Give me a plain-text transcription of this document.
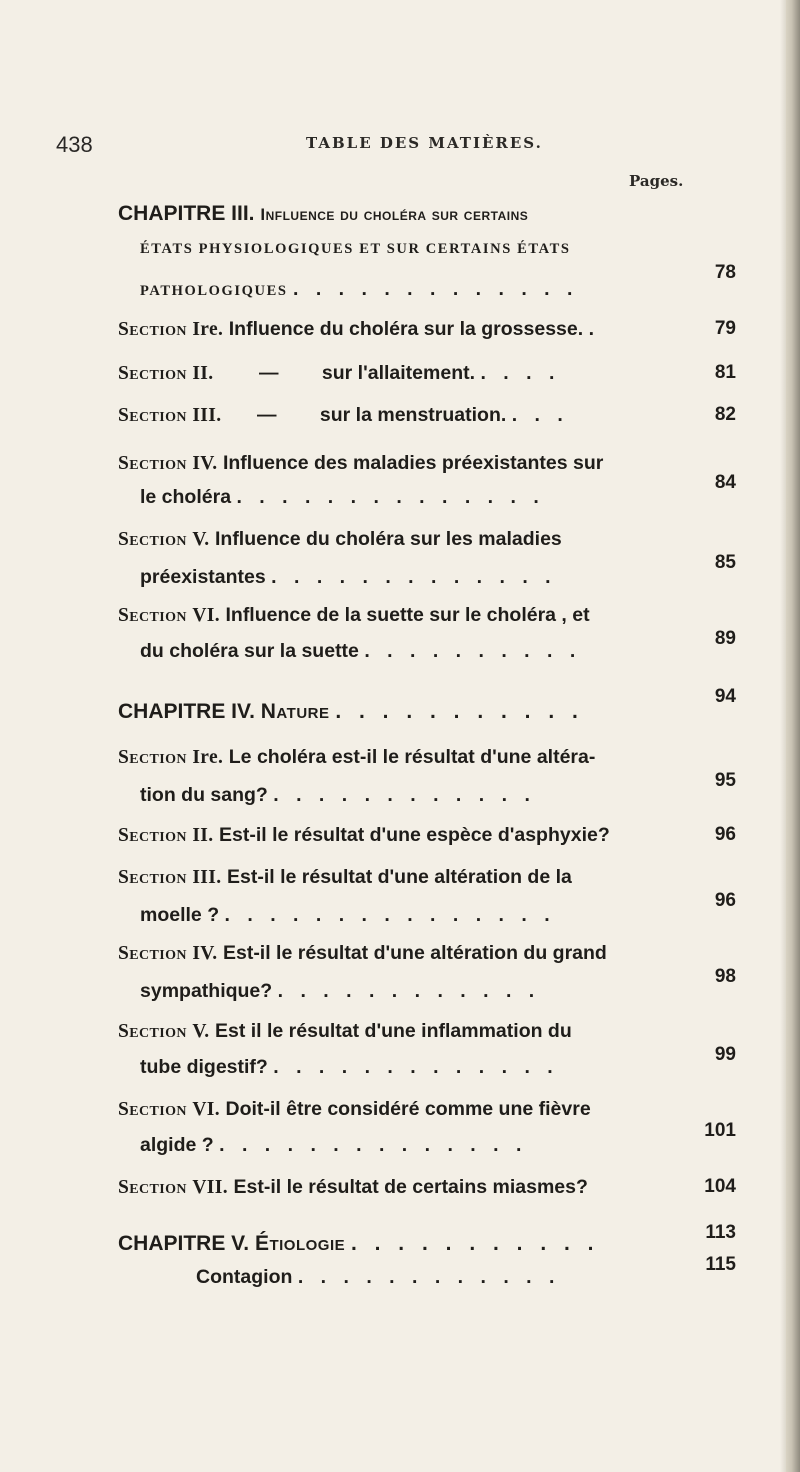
438	TABLE DES MATIÈRES.
Pages.
CHAPITRE III. Influence du choléra sur certains
ÉTATS PHYSIOLOGIQUES ET SUR CERTAINS ÉTATS
PATHOLOGIQUES . . . . . . . . . . . . .
78
Section Ire. Influence du choléra sur la grossesse. .	79
Section II. — sur l'allaitement. . . . .	81
Section III. — sur la menstruation. . . .	82
Section IV. Influence des maladies préexistantes sur
le choléra . . . . . . . . . . . . . .
84
Section V. Influence du choléra sur les maladies
préexistantes . . . . . . . . . . . . .
85
Section VI. Influence de la suette sur le choléra , et
du choléra sur la suette . . . . . . . . . .
89
CHAPITRE IV. Nature . . . . . . . . . . .
94
Section Ire. Le choléra est-il le résultat d'une altéra-
tion du sang? . . . . . . . . . . . .
95
Section II. Est-il le résultat d'une espèce d'asphyxie?	96
Section III. Est-il le résultat d'une altération de la
moelle ? . . . . . . . . . . . . . . .
96
Section IV. Est-il le résultat d'une altération du grand
sympathique? . . . . . . . . . . . .
98
Section V. Est il le résultat d'une inflammation du
tube digestif? . . . . . . . . . . . . .
99
Section VI. Doit-il être considéré comme une fièvre
algide ? . . . . . . . . . . . . . .
101
Section VII. Est-il le résultat de certains miasmes?	104
CHAPITRE V. Étiologie . . . . . . . . . . .	113
Contagion . . . . . . . . . . . .
115
